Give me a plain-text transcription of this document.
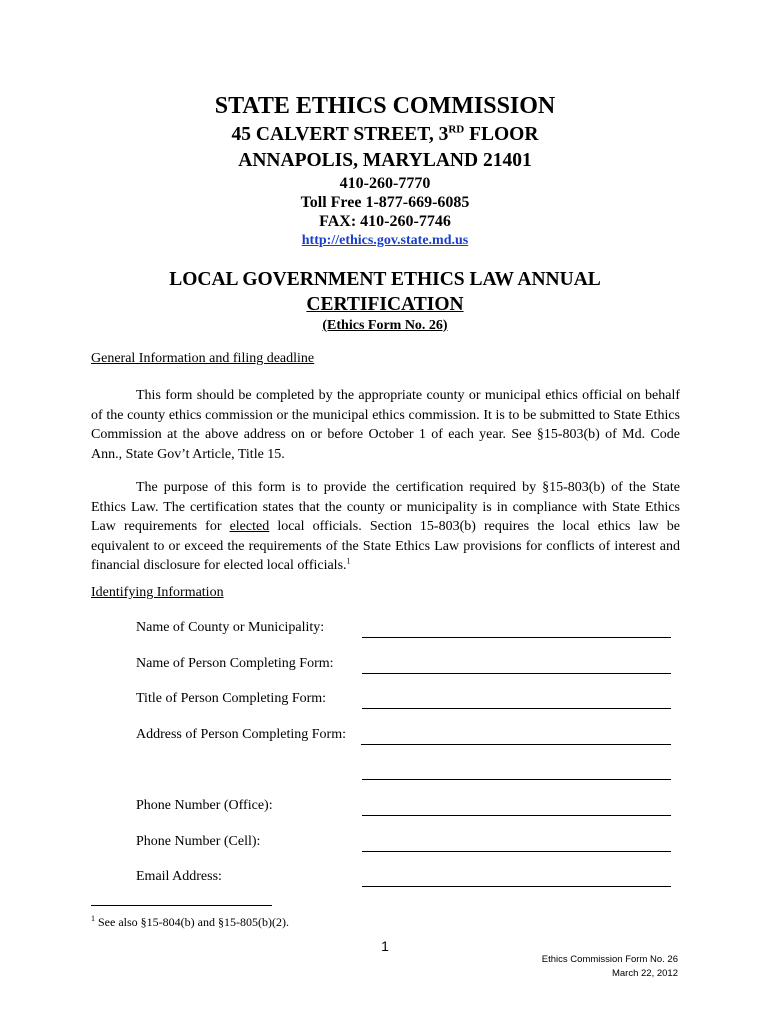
STATE ETHICS COMMISSION
45 CALVERT STREET, 3RD FLOOR
ANNAPOLIS, MARYLAND 21401
410-260-7770
Toll Free 1-877-669-6085
FAX: 410-260-7746
http://ethics.gov.state.md.us
LOCAL GOVERNMENT ETHICS LAW ANNUAL
CERTIFICATION
(Ethics Form No. 26)
General Information and filing deadline

This form should be completed by the appropriate county or municipal ethics official on behalf of the county ethics commission or the municipal ethics commission. It is to be submitted to State Ethics Commission at the above address on or before October 1 of each year. See §15-803(b) of Md. Code Ann., State Gov’t Article, Title 15.

The purpose of this form is to provide the certification required by §15-803(b) of the State Ethics Law. The certification states that the county or municipality is in compliance with State Ethics Law requirements for elected local officials. Section 15-803(b) requires the local ethics law be equivalent to or exceed the requirements of the State Ethics Law provisions for conflicts of interest and financial disclosure for elected local officials.$^1$

Identifying Information
Name of County or Municipality:
Name of Person Completing Form:
Title of Person Completing Form:
Address of Person Completing Form:
Phone Number (Office):
Phone Number (Cell):
Email Address:
$^1$ See also §15-804(b) and §15-805(b)(2).
1
Ethics Commission Form No. 26
March 22, 2012
